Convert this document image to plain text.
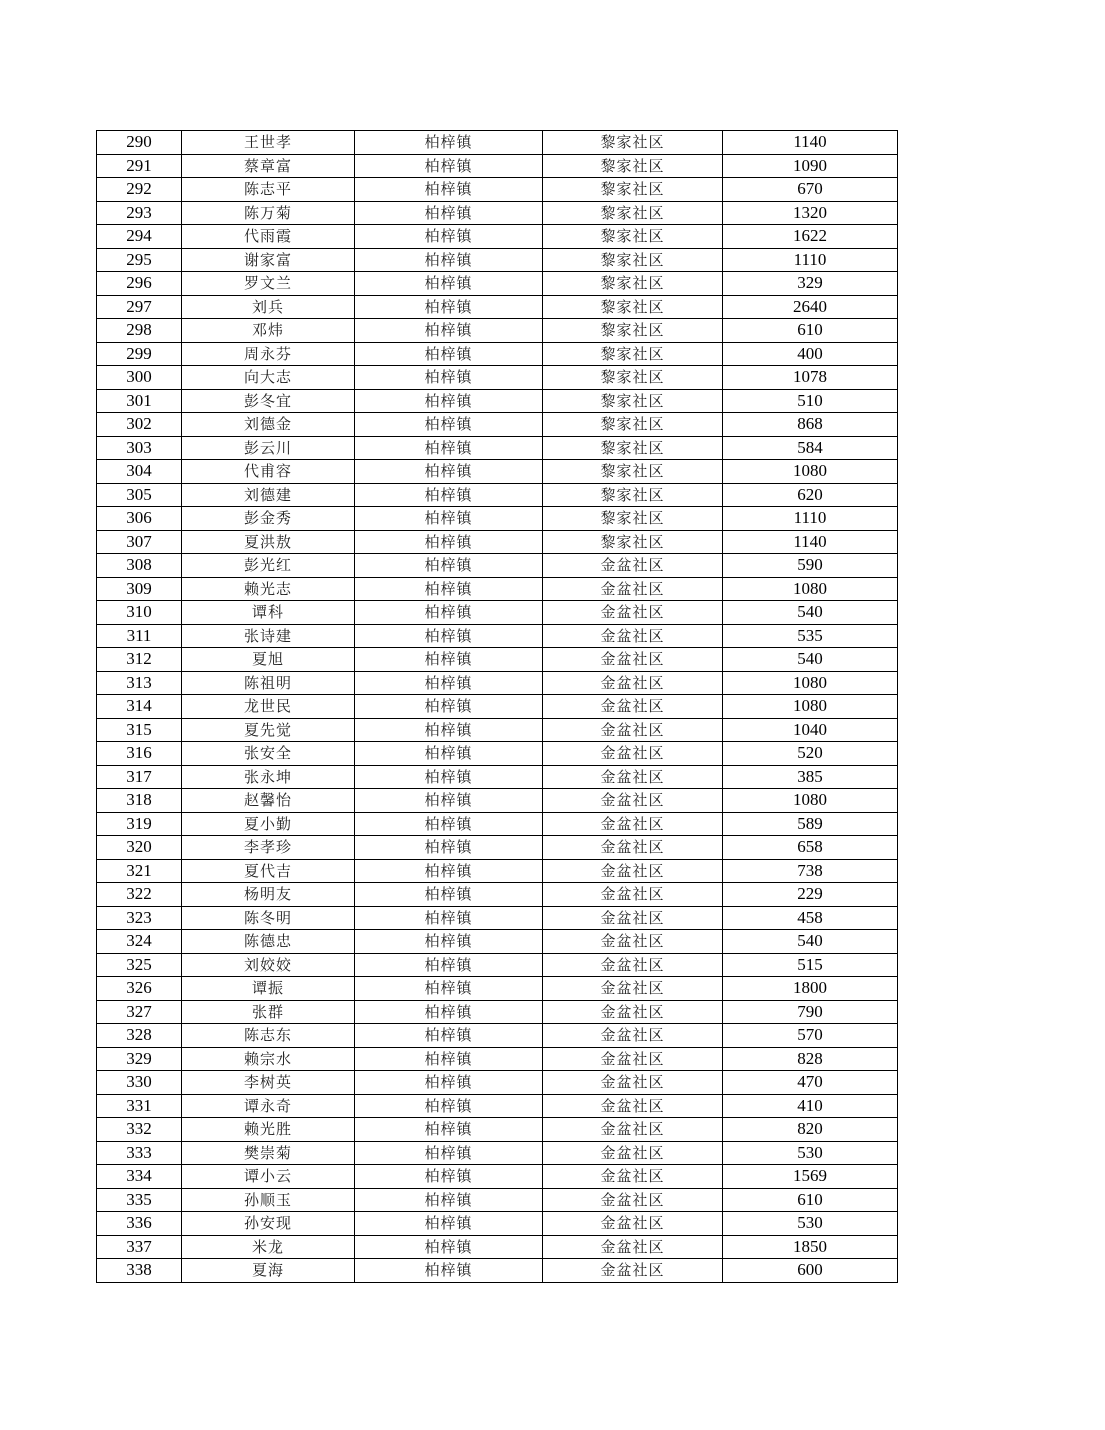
290	王世孝	柏梓镇	黎家社区	1140
291	蔡章富	柏梓镇	黎家社区	1090
292	陈志平	柏梓镇	黎家社区	670
293	陈万菊	柏梓镇	黎家社区	1320
294	代雨霞	柏梓镇	黎家社区	1622
295	谢家富	柏梓镇	黎家社区	1110
296	罗文兰	柏梓镇	黎家社区	329
297	刘兵	柏梓镇	黎家社区	2640
298	邓炜	柏梓镇	黎家社区	610
299	周永芬	柏梓镇	黎家社区	400
300	向大志	柏梓镇	黎家社区	1078
301	彭冬宜	柏梓镇	黎家社区	510
302	刘德金	柏梓镇	黎家社区	868
303	彭云川	柏梓镇	黎家社区	584
304	代甫容	柏梓镇	黎家社区	1080
305	刘德建	柏梓镇	黎家社区	620
306	彭金秀	柏梓镇	黎家社区	1110
307	夏洪敖	柏梓镇	黎家社区	1140
308	彭光红	柏梓镇	金盆社区	590
309	赖光志	柏梓镇	金盆社区	1080
310	谭科	柏梓镇	金盆社区	540
311	张诗建	柏梓镇	金盆社区	535
312	夏旭	柏梓镇	金盆社区	540
313	陈祖明	柏梓镇	金盆社区	1080
314	龙世民	柏梓镇	金盆社区	1080
315	夏先觉	柏梓镇	金盆社区	1040
316	张安全	柏梓镇	金盆社区	520
317	张永坤	柏梓镇	金盆社区	385
318	赵馨怡	柏梓镇	金盆社区	1080
319	夏小勤	柏梓镇	金盆社区	589
320	李孝珍	柏梓镇	金盆社区	658
321	夏代吉	柏梓镇	金盆社区	738
322	杨明友	柏梓镇	金盆社区	229
323	陈冬明	柏梓镇	金盆社区	458
324	陈德忠	柏梓镇	金盆社区	540
325	刘姣姣	柏梓镇	金盆社区	515
326	谭振	柏梓镇	金盆社区	1800
327	张群	柏梓镇	金盆社区	790
328	陈志东	柏梓镇	金盆社区	570
329	赖宗水	柏梓镇	金盆社区	828
330	李树英	柏梓镇	金盆社区	470
331	谭永奇	柏梓镇	金盆社区	410
332	赖光胜	柏梓镇	金盆社区	820
333	樊崇菊	柏梓镇	金盆社区	530
334	谭小云	柏梓镇	金盆社区	1569
335	孙顺玉	柏梓镇	金盆社区	610
336	孙安现	柏梓镇	金盆社区	530
337	米龙	柏梓镇	金盆社区	1850
338	夏海	柏梓镇	金盆社区	600
